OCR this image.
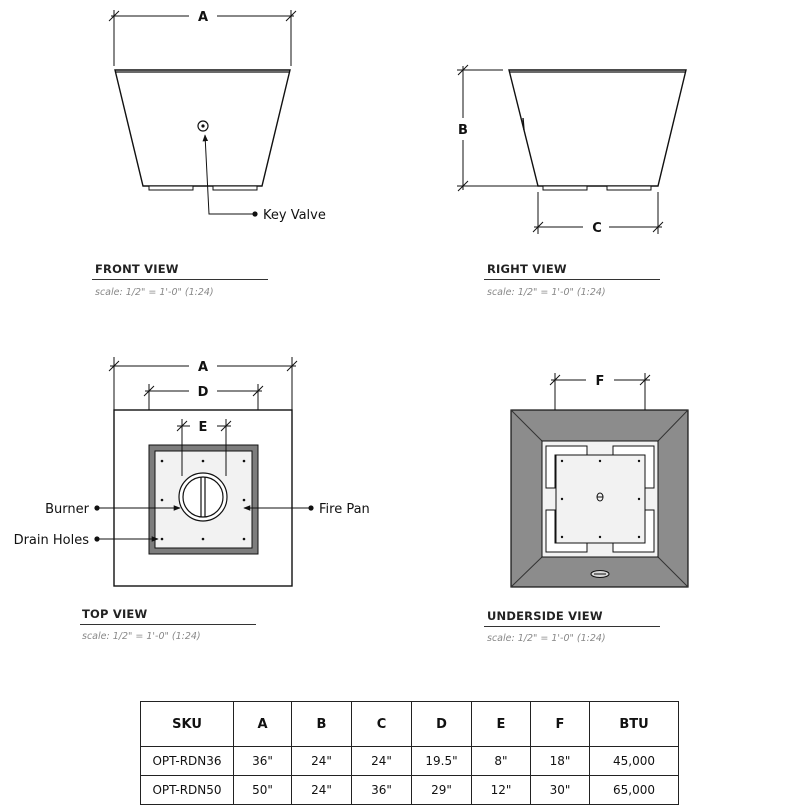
A
Key Valve
B
C
A
D
E
Burner
Drain Holes
Fire Pan
F
FRONT VIEW
scale: 1/2" = 1'-0" (1:24)
RIGHT VIEW
scale: 1/2" = 1'-0" (1:24)
TOP VIEW
scale: 1/2" = 1'-0" (1:24)
UNDERSIDE VIEW
scale: 1/2" = 1'-0" (1:24)
SKU	A	B	C	D	E	F	BTU
OPT-RDN36	36"	24"	24"	19.5"	8"	18"	45,000
OPT-RDN50	50"	24"	36"	29"	12"	30"	65,000
